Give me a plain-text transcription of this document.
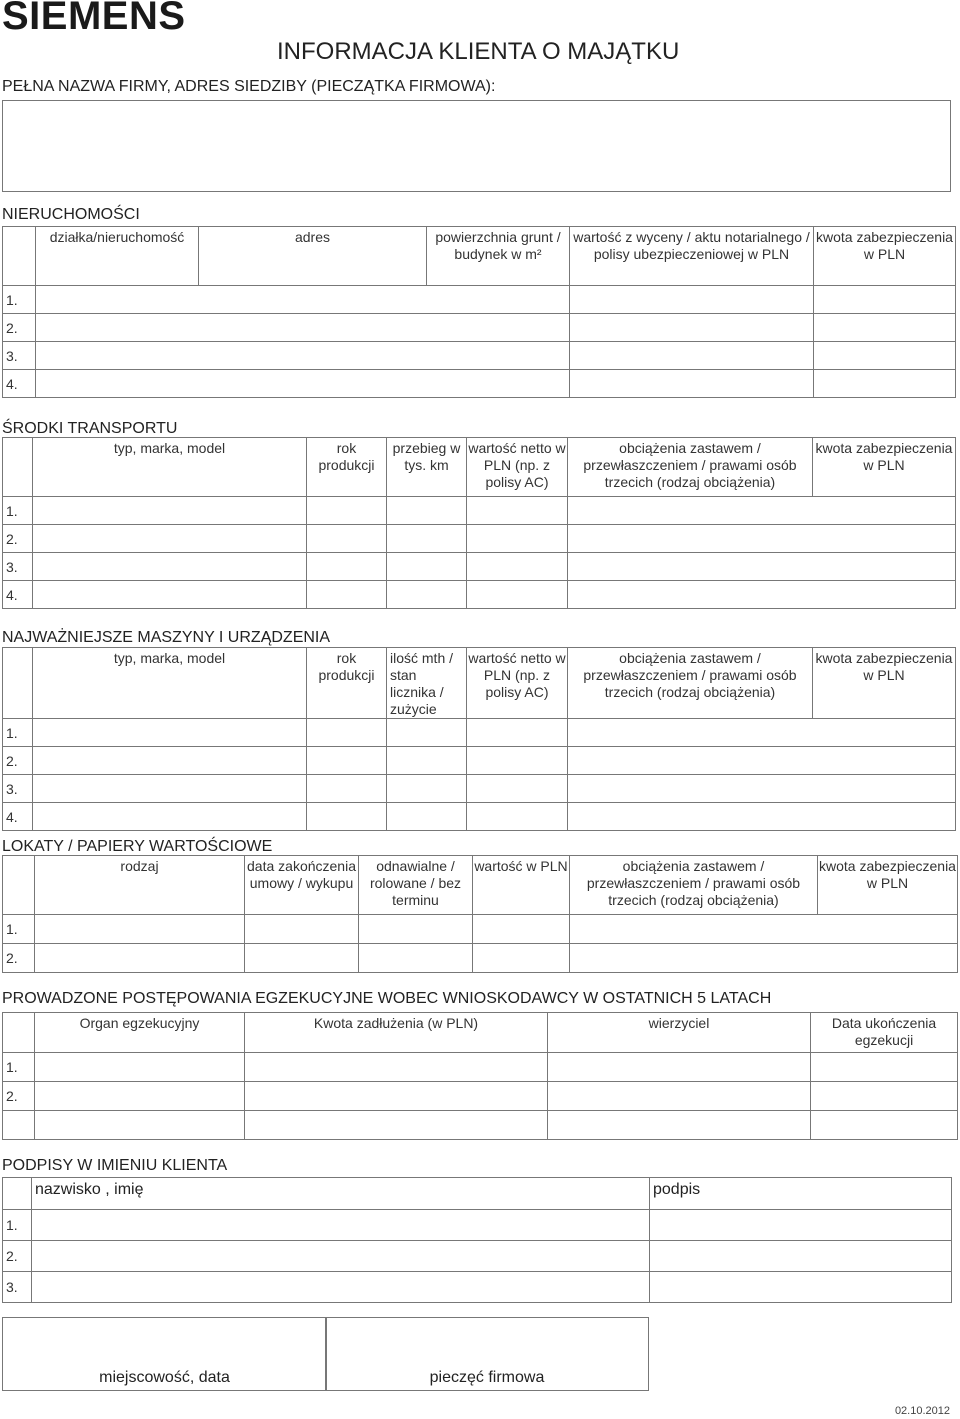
SIEMENS
INFORMACJA KLIENTA O MAJĄTKU
PEŁNA NAZWA FIRMY, ADRES SIEDZIBY (PIECZĄTKA FIRMOWA):
NIERUCHOMOŚCI
	działka/nieruchomość	adres	powierzchnia grunt / budynek w m²	wartość z wyceny / aktu notarialnego / polisy ubezpieczeniowej w PLN	kwota zabezpieczenia w PLN
1.					
2.					
3.					
4.					
ŚRODKI TRANSPORTU
	typ, marka, model	rok produkcji	przebieg w tys. km	wartość netto w PLN (np. z polisy AC)	obciążenia zastawem / przewłaszczeniem / prawami osób trzecich (rodzaj obciążenia)	kwota zabezpieczenia w PLN
1.						
2.						
3.						
4.						
NAJWAŻNIEJSZE MASZYNY I URZĄDZENIA
	typ, marka, model	rok produkcji	ilość mth / stan licznika / zużycie	wartość netto w PLN (np. z polisy AC)	obciążenia zastawem / przewłaszczeniem / prawami osób trzecich (rodzaj obciążenia)	kwota zabezpieczenia w PLN
1.						
2.						
3.						
4.						
LOKATY / PAPIERY WARTOŚCIOWE
	rodzaj	data zakończenia umowy / wykupu	odnawialne / rolowane / bez terminu	wartość w PLN	obciążenia zastawem / przewłaszczeniem / prawami osób trzecich (rodzaj obciążenia)	kwota zabezpieczenia w PLN
1.						
2.						
PROWADZONE POSTĘPOWANIA EGZEKUCYJNE WOBEC WNIOSKODAWCY W OSTATNICH 5 LATACH
	Organ egzekucyjny	Kwota zadłużenia (w PLN)	wierzyciel	Data ukończenia egzekucji
1.				
2.				

PODPISY W IMIENIU KLIENTA
	nazwisko , imię	podpis
1.		
2.		
3.		
miejscowość, data	pieczęć firmowa
02.10.2012
